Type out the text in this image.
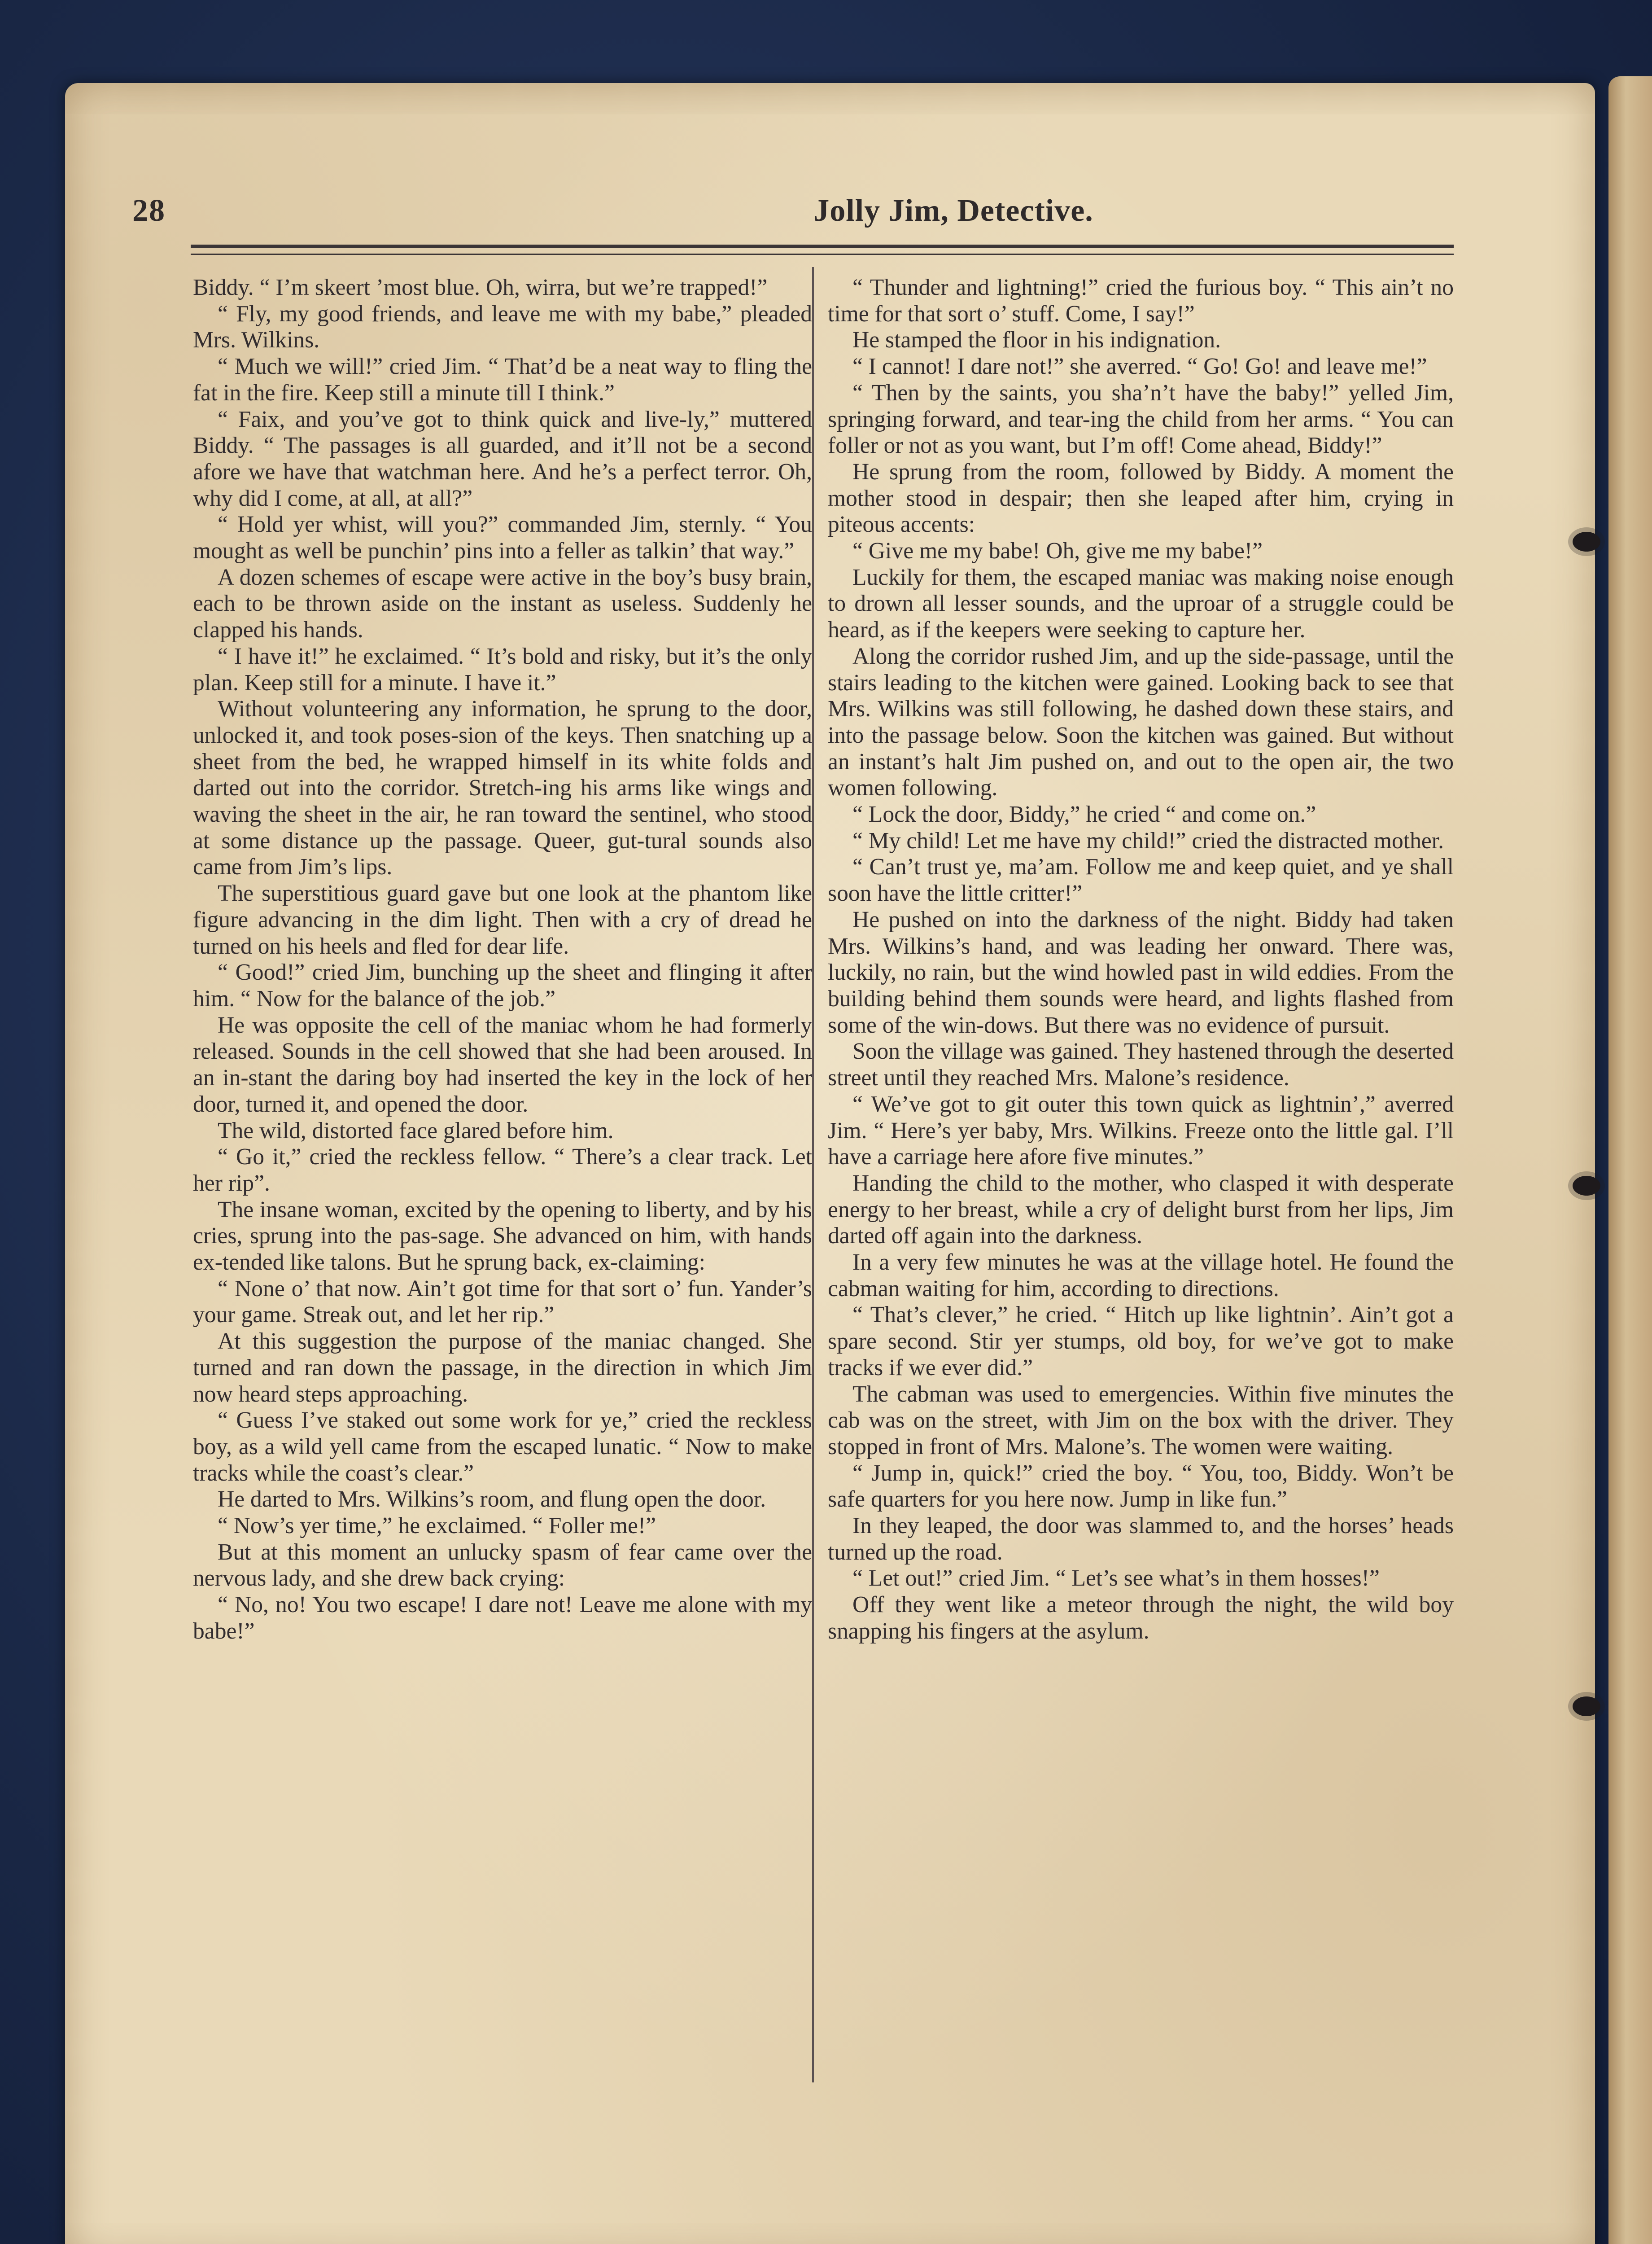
28	Jolly Jim, Detective.

Biddy. “ I’m skeert ’most blue. Oh, wirra, but we’re trapped!”

“ Fly, my good friends, and leave me with my babe,” pleaded Mrs. Wilkins.

“ Much we will!” cried Jim. “ That’d be a neat way to fling the fat in the fire. Keep still a minute till I think.”

“ Faix, and you’ve got to think quick and live-ly,” muttered Biddy. “ The passages is all guarded, and it’ll not be a second afore we have that watchman here. And he’s a perfect terror. Oh, why did I come, at all, at all?”

“ Hold yer whist, will you?” commanded Jim, sternly. “ You mought as well be punchin’ pins into a feller as talkin’ that way.”

A dozen schemes of escape were active in the boy’s busy brain, each to be thrown aside on the instant as useless. Suddenly he clapped his hands.

“ I have it!” he exclaimed. “ It’s bold and risky, but it’s the only plan. Keep still for a minute. I have it.”

Without volunteering any information, he sprung to the door, unlocked it, and took poses-sion of the keys. Then snatching up a sheet from the bed, he wrapped himself in its white folds and darted out into the corridor. Stretch-ing his arms like wings and waving the sheet in the air, he ran toward the sentinel, who stood at some distance up the passage. Queer, gut-tural sounds also came from Jim’s lips.

The superstitious guard gave but one look at the phantom like figure advancing in the dim light. Then with a cry of dread he turned on his heels and fled for dear life.

“ Good!” cried Jim, bunching up the sheet and flinging it after him. “ Now for the balance of the job.”

He was opposite the cell of the maniac whom he had formerly released. Sounds in the cell showed that she had been aroused. In an in-stant the daring boy had inserted the key in the lock of her door, turned it, and opened the door.

The wild, distorted face glared before him.

“ Go it,” cried the reckless fellow. “ There’s a clear track. Let her rip”.

The insane woman, excited by the opening to liberty, and by his cries, sprung into the pas-sage. She advanced on him, with hands ex-tended like talons. But he sprung back, ex-claiming:

“ None o’ that now. Ain’t got time for that sort o’ fun. Yander’s your game. Streak out, and let her rip.”

At this suggestion the purpose of the maniac changed. She turned and ran down the passage, in the direction in which Jim now heard steps approaching.

“ Guess I’ve staked out some work for ye,” cried the reckless boy, as a wild yell came from the escaped lunatic. “ Now to make tracks while the coast’s clear.”

He darted to Mrs. Wilkins’s room, and flung open the door.

“ Now’s yer time,” he exclaimed. “ Foller me!”

But at this moment an unlucky spasm of fear came over the nervous lady, and she drew back crying:

“ No, no! You two escape! I dare not! Leave me alone with my babe!”

“ Thunder and lightning!” cried the furious boy. “ This ain’t no time for that sort o’ stuff. Come, I say!”

He stamped the floor in his indignation.

“ I cannot! I dare not!” she averred. “ Go! Go! and leave me!”

“ Then by the saints, you sha’n’t have the baby!” yelled Jim, springing forward, and tear-ing the child from her arms. “ You can foller or not as you want, but I’m off! Come ahead, Biddy!”

He sprung from the room, followed by Biddy. A moment the mother stood in despair; then she leaped after him, crying in piteous accents:

“ Give me my babe! Oh, give me my babe!”

Luckily for them, the escaped maniac was making noise enough to drown all lesser sounds, and the uproar of a struggle could be heard, as if the keepers were seeking to capture her.

Along the corridor rushed Jim, and up the side-passage, until the stairs leading to the kitchen were gained. Looking back to see that Mrs. Wilkins was still following, he dashed down these stairs, and into the passage below. Soon the kitchen was gained. But without an instant’s halt Jim pushed on, and out to the open air, the two women following.

“ Lock the door, Biddy,” he cried “ and come on.”

“ My child! Let me have my child!” cried the distracted mother.

“ Can’t trust ye, ma’am. Follow me and keep quiet, and ye shall soon have the little critter!”

He pushed on into the darkness of the night. Biddy had taken Mrs. Wilkins’s hand, and was leading her onward. There was, luckily, no rain, but the wind howled past in wild eddies. From the building behind them sounds were heard, and lights flashed from some of the win-dows. But there was no evidence of pursuit.

Soon the village was gained. They hastened through the deserted street until they reached Mrs. Malone’s residence.

“ We’ve got to git outer this town quick as lightnin’,” averred Jim. “ Here’s yer baby, Mrs. Wilkins. Freeze onto the little gal. I’ll have a carriage here afore five minutes.”

Handing the child to the mother, who clasped it with desperate energy to her breast, while a cry of delight burst from her lips, Jim darted off again into the darkness.

In a very few minutes he was at the village hotel. He found the cabman waiting for him, according to directions.

“ That’s clever,” he cried. “ Hitch up like lightnin’. Ain’t got a spare second. Stir yer stumps, old boy, for we’ve got to make tracks if we ever did.”

The cabman was used to emergencies. Within five minutes the cab was on the street, with Jim on the box with the driver. They stopped in front of Mrs. Malone’s. The women were waiting.

“ Jump in, quick!” cried the boy. “ You, too, Biddy. Won’t be safe quarters for you here now. Jump in like fun.”

In they leaped, the door was slammed to, and the horses’ heads turned up the road.

“ Let out!” cried Jim. “ Let’s see what’s in them hosses!”

Off they went like a meteor through the night, the wild boy snapping his fingers at the asylum.
